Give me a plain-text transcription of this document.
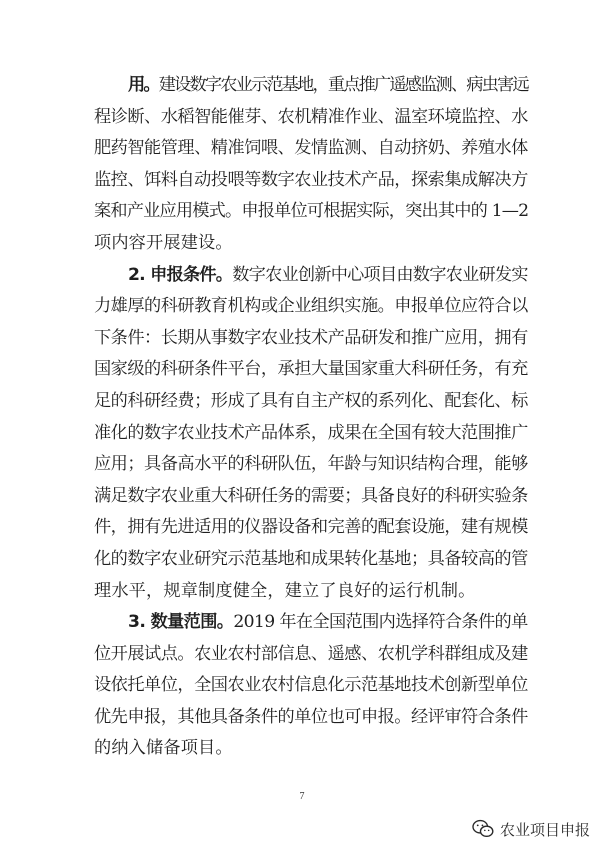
用。建设数字农业示范基地，重点推广遥感监测、病虫害远
程诊断、水稻智能催芽、农机精准作业、温室环境监控、水
肥药智能管理、精准饲喂、发情监测、自动挤奶、养殖水体
监控、饵料自动投喂等数字农业技术产品，探索集成解决方
案和产业应用模式。申报单位可根据实际，突出其中的 1—2
项内容开展建设。
2. 申报条件。数字农业创新中心项目由数字农业研发实
力雄厚的科研教育机构或企业组织实施。申报单位应符合以
下条件：长期从事数字农业技术产品研发和推广应用，拥有
国家级的科研条件平台，承担大量国家重大科研任务，有充
足的科研经费；形成了具有自主产权的系列化、配套化、标
准化的数字农业技术产品体系，成果在全国有较大范围推广
应用；具备高水平的科研队伍，年龄与知识结构合理，能够
满足数字农业重大科研任务的需要；具备良好的科研实验条
件，拥有先进适用的仪器设备和完善的配套设施，建有规模
化的数字农业研究示范基地和成果转化基地；具备较高的管
理水平，规章制度健全，建立了良好的运行机制。
3. 数量范围。2019 年在全国范围内选择符合条件的单
位开展试点。农业农村部信息、遥感、农机学科群组成及建
设依托单位，全国农业农村信息化示范基地技术创新型单位
优先申报，其他具备条件的单位也可申报。经评审符合条件
的纳入储备项目。
7
农业项目申报
